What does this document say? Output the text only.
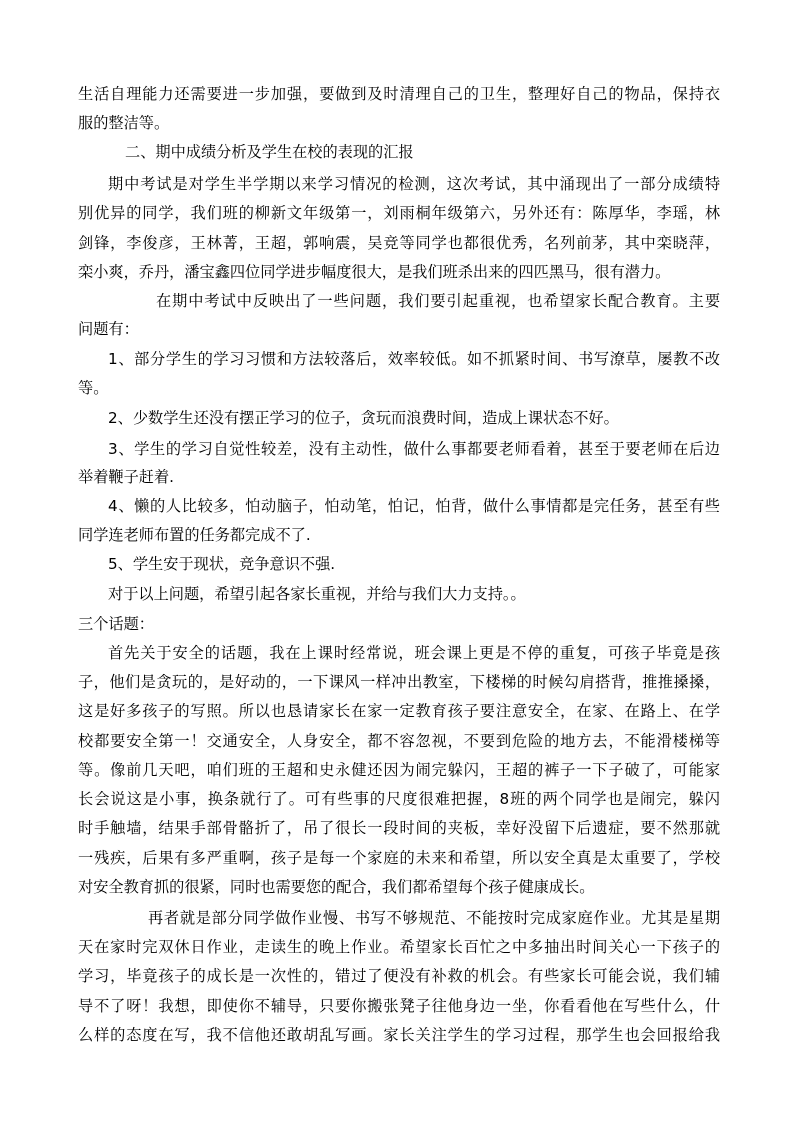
生活自理能力还需要进一步加强，要做到及时清理自己的卫生，整理好自己的物品，保持衣
服的整洁等。
二、期中成绩分析及学生在校的表现的汇报
期中考试是对学生半学期以来学习情况的检测，这次考试，其中涌现出了一部分成绩特
别优异的同学，我们班的柳新文年级第一，刘雨桐年级第六，另外还有：陈厚华，李瑶，林
剑锋，李俊彦，王林菁，王超，郭响震，吴竞等同学也都很优秀，名列前茅，其中栾晓萍，
栾小爽，乔丹，潘宝鑫四位同学进步幅度很大，是我们班杀出来的四匹黑马，很有潜力。
在期中考试中反映出了一些问题，我们要引起重视，也希望家长配合教育。主要
问题有：
1、部分学生的学习习惯和方法较落后，效率较低。如不抓紧时间、书写潦草，屡教不改
等。
2、少数学生还没有摆正学习的位子，贪玩而浪费时间，造成上课状态不好。
3、学生的学习自觉性较差，没有主动性，做什么事都要老师看着，甚至于要老师在后边
举着鞭子赶着.
4、懒的人比较多，怕动脑子，怕动笔，怕记，怕背，做什么事情都是完任务，甚至有些
同学连老师布置的任务都完成不了.
5、学生安于现状，竞争意识不强.
对于以上问题，希望引起各家长重视，并给与我们大力支持。。
三个话题：
首先关于安全的话题，我在上课时经常说，班会课上更是不停的重复，可孩子毕竟是孩
子，他们是贪玩的，是好动的，一下课风一样冲出教室，下楼梯的时候勾肩搭背，推推搡搡，
这是好多孩子的写照。所以也恳请家长在家一定教育孩子要注意安全，在家、在路上、在学
校都要安全第一！交通安全，人身安全，都不容忽视，不要到危险的地方去，不能滑楼梯等
等。像前几天吧，咱们班的王超和史永健还因为闹完躲闪，王超的裤子一下子破了，可能家
长会说这是小事，换条就行了。可有些事的尺度很难把握，8班的两个同学也是闹完，躲闪
时手触墙，结果手部骨骼折了，吊了很长一段时间的夹板，幸好没留下后遗症，要不然那就
一残疾，后果有多严重啊，孩子是每一个家庭的未来和希望，所以安全真是太重要了，学校
对安全教育抓的很紧，同时也需要您的配合，我们都希望每个孩子健康成长。
再者就是部分同学做作业慢、书写不够规范、不能按时完成家庭作业。尤其是星期
天在家时完双休日作业，走读生的晚上作业。希望家长百忙之中多抽出时间关心一下孩子的
学习，毕竟孩子的成长是一次性的，错过了便没有补救的机会。有些家长可能会说，我们辅
导不了呀！我想，即使你不辅导，只要你搬张凳子往他身边一坐，你看看他在写些什么，什
么样的态度在写，我不信他还敢胡乱写画。家长关注学生的学习过程，那学生也会回报给我
